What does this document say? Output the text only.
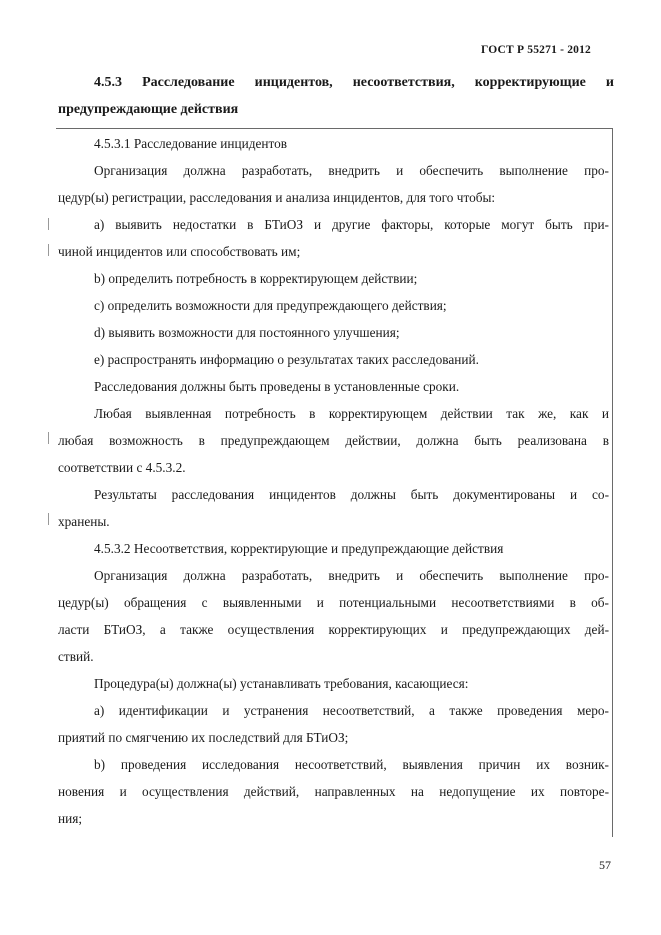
ГОСТ Р 55271 - 2012
4.5.3 Расследование инцидентов, несоответствия, корректирующие и
предупреждающие действия
4.5.3.1 Расследование инцидентов
Организация должна разработать, внедрить и обеспечить выполнение про-
цедур(ы) регистрации, расследования и анализа инцидентов, для того чтобы:
а) выявить недостатки в БТиОЗ и другие факторы, которые могут быть при-
чиной инцидентов или способствовать им;
b) определить потребность в корректирующем действии;
c) определить возможности для предупреждающего действия;
d) выявить возможности для постоянного улучшения;
e) распространять информацию о результатах таких расследований.
Расследования должны быть проведены в установленные сроки.
Любая выявленная потребность в корректирующем действии так же, как и
любая возможность в предупреждающем действии, должна быть реализована в
соответствии с 4.5.3.2.
Результаты расследования инцидентов должны быть документированы и со-
хранены.
4.5.3.2 Несоответствия, корректирующие и предупреждающие действия
Организация должна разработать, внедрить и обеспечить выполнение про-
цедур(ы) обращения с выявленными и потенциальными несоответствиями в об-
ласти БТиОЗ, а также осуществления корректирующих и предупреждающих дей-
ствий.
Процедура(ы) должна(ы) устанавливать требования, касающиеся:
a) идентификации и устранения несоответствий, а также проведения меро-
приятий по смягчению их последствий для БТиОЗ;
b) проведения исследования несоответствий, выявления причин их возник-
новения и осуществления действий, направленных на недопущение их повторе-
ния;
57
